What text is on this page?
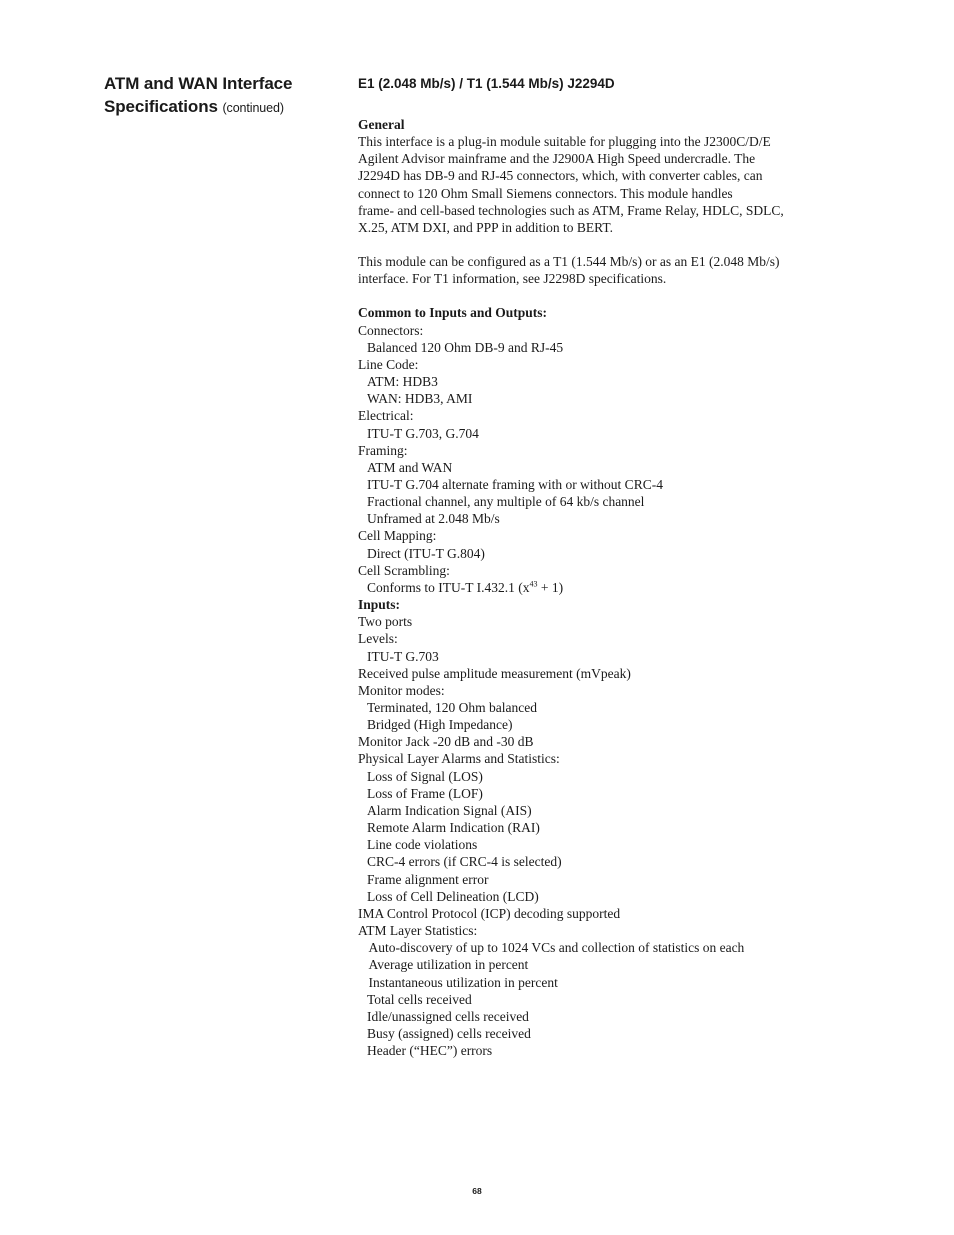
ATM and WAN Interface
Specifications (continued)
E1 (2.048 Mb/s) / T1 (1.544 Mb/s) J2294D
General
This interface is a plug-in module suitable for plugging into the J2300C/D/E
Agilent Advisor mainframe and the J2900A High Speed undercradle. The
J2294D has DB-9 and RJ-45 connectors, which, with converter cables, can
connect to 120 Ohm Small Siemens connectors. This module handles
frame- and cell-based technologies such as ATM, Frame Relay, HDLC, SDLC,
X.25, ATM DXI, and PPP in addition to BERT.
This module can be configured as a T1 (1.544 Mb/s) or as an E1 (2.048 Mb/s)
interface. For T1 information, see J2298D specifications.
Common to Inputs and Outputs:
Connectors:
Balanced 120 Ohm DB-9 and RJ-45
Line Code:
ATM: HDB3
WAN: HDB3, AMI
Electrical:
ITU-T G.703, G.704
Framing:
ATM and WAN
ITU-T G.704 alternate framing with or without CRC-4
Fractional channel, any multiple of 64 kb/s channel
Unframed at 2.048 Mb/s
Cell Mapping:
Direct (ITU-T G.804)
Cell Scrambling:
Conforms to ITU-T I.432.1 $(x^{43} + 1)$
Inputs:
Two ports
Levels:
ITU-T G.703
Received pulse amplitude measurement (mVpeak)
Monitor modes:
Terminated, 120 Ohm balanced
Bridged (High Impedance)
Monitor Jack -20 dB and -30 dB
Physical Layer Alarms and Statistics:
Loss of Signal (LOS)
Loss of Frame (LOF)
Alarm Indication Signal (AIS)
Remote Alarm Indication (RAI)
Line code violations
CRC-4 errors (if CRC-4 is selected)
Frame alignment error
Loss of Cell Delineation (LCD)
IMA Control Protocol (ICP) decoding supported
ATM Layer Statistics:
Auto-discovery of up to 1024 VCs and collection of statistics on each
Average utilization in percent
Instantaneous utilization in percent
Total cells received
Idle/unassigned cells received
Busy (assigned) cells received
Header (“HEC”) errors
68
